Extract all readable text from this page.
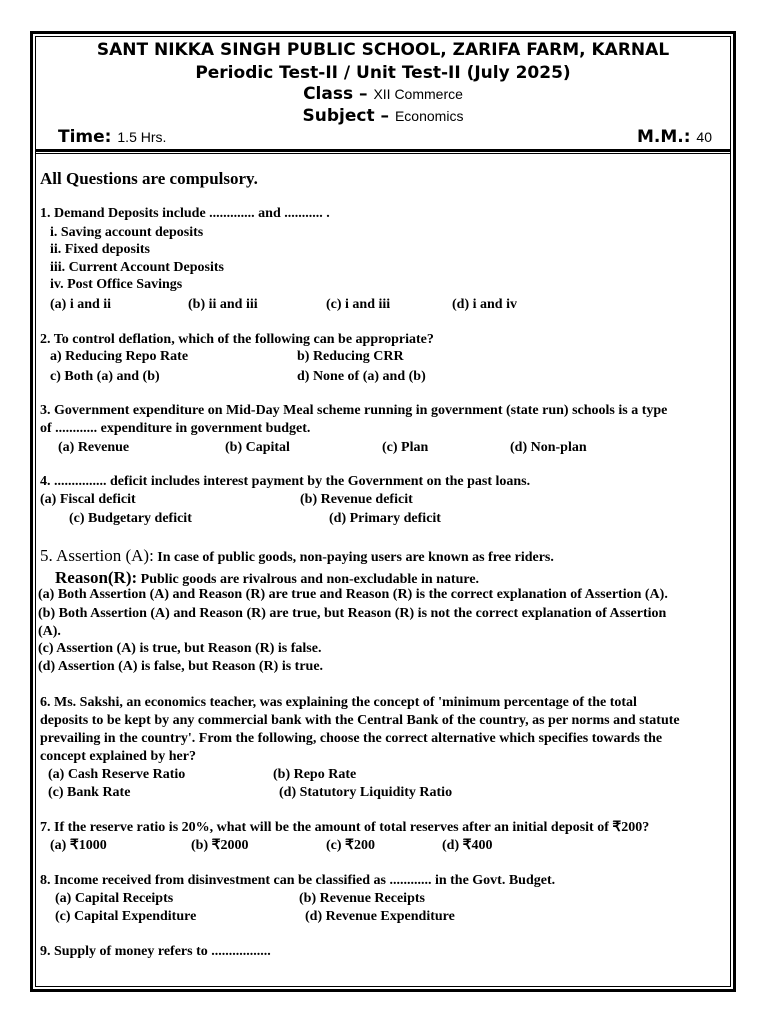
SANT NIKKA SINGH PUBLIC SCHOOL, ZARIFA FARM, KARNAL
Periodic Test-II / Unit Test-II (July 2025)
Class – XII Commerce
Subject – Economics
Time: 1.5 Hrs.	M.M.: 40
All Questions are compulsory.
1. Demand Deposits include ............. and ........... .
i. Saving account deposits
ii. Fixed deposits
iii. Current Account Deposits
iv. Post Office Savings
(a) i and ii	(b) ii and iii	(c) i and iii	(d) i and iv
2. To control deflation, which of the following can be appropriate?
a) Reducing Repo Rate	b) Reducing CRR
c) Both (a) and (b)	d) None of (a) and (b)
3. Government expenditure on Mid-Day Meal scheme running in government (state run) schools is a type
of ............ expenditure in government budget.
(a) Revenue	(b) Capital	(c) Plan	(d) Non-plan
4. ............... deficit includes interest payment by the Government on the past loans.
(a) Fiscal deficit	(b) Revenue deficit
(c) Budgetary deficit	(d) Primary deficit
5. Assertion (A): In case of public goods, non-paying users are known as free riders.
Reason(R): Public goods are rivalrous and non-excludable in nature.
(a) Both Assertion (A) and Reason (R) are true and Reason (R) is the correct explanation of Assertion (A).
(b) Both Assertion (A) and Reason (R) are true, but Reason (R) is not the correct explanation of Assertion
(A).
(c) Assertion (A) is true, but Reason (R) is false.
(d) Assertion (A) is false, but Reason (R) is true.
6. Ms. Sakshi, an economics teacher, was explaining the concept of 'minimum percentage of the total
deposits to be kept by any commercial bank with the Central Bank of the country, as per norms and statute
prevailing in the country'. From the following, choose the correct alternative which specifies towards the
concept explained by her?
(a) Cash Reserve Ratio	(b) Repo Rate
(c) Bank Rate	(d) Statutory Liquidity Ratio
7. If the reserve ratio is 20%, what will be the amount of total reserves after an initial deposit of ₹200?
(a) ₹1000	(b) ₹2000	(c) ₹200	(d) ₹400
8. Income received from disinvestment can be classified as ............ in the Govt. Budget.
(a) Capital Receipts	(b) Revenue Receipts
(c) Capital Expenditure	(d) Revenue Expenditure
9. Supply of money refers to .................
